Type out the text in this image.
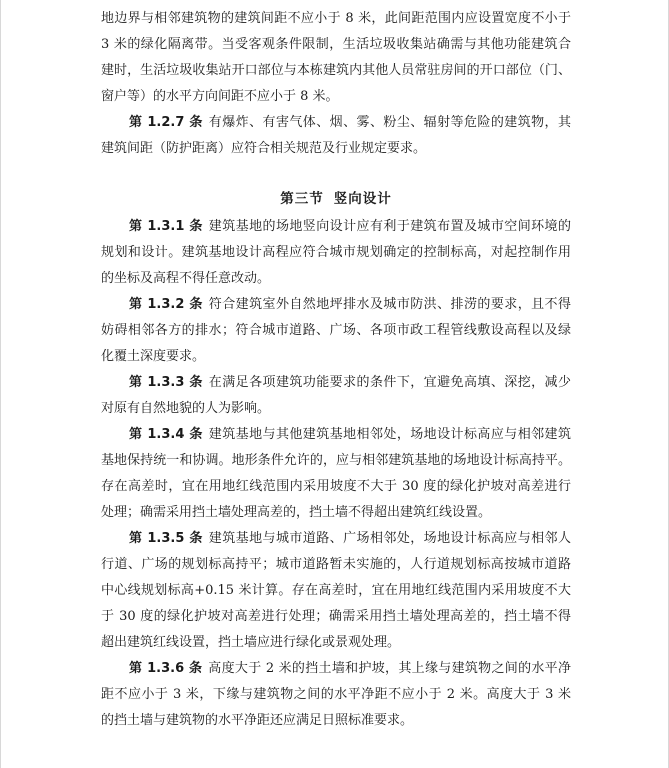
地边界与相邻建筑物的建筑间距不应小于 8 米，此间距范围内应设置宽度不小于
3 米的绿化隔离带。当受客观条件限制，生活垃圾收集站确需与其他功能建筑合
建时，生活垃圾收集站开口部位与本栋建筑内其他人员常驻房间的开口部位（门、
窗户等）的水平方向间距不应小于 8 米。
第 1.2.7 条 有爆炸、有害气体、烟、雾、粉尘、辐射等危险的建筑物，其
建筑间距（防护距离）应符合相关规范及行业规定要求。
第三节 竖向设计
第 1.3.1 条 建筑基地的场地竖向设计应有利于建筑布置及城市空间环境的
规划和设计。建筑基地设计高程应符合城市规划确定的控制标高，对起控制作用
的坐标及高程不得任意改动。
第 1.3.2 条 符合建筑室外自然地坪排水及城市防洪、排涝的要求，且不得
妨碍相邻各方的排水；符合城市道路、广场、各项市政工程管线敷设高程以及绿
化覆土深度要求。
第 1.3.3 条 在满足各项建筑功能要求的条件下，宜避免高填、深挖，减少
对原有自然地貌的人为影响。
第 1.3.4 条 建筑基地与其他建筑基地相邻处，场地设计标高应与相邻建筑
基地保持统一和协调。地形条件允许的，应与相邻建筑基地的场地设计标高持平。
存在高差时，宜在用地红线范围内采用坡度不大于 30 度的绿化护坡对高差进行
处理；确需采用挡土墙处理高差的，挡土墙不得超出建筑红线设置。
第 1.3.5 条 建筑基地与城市道路、广场相邻处，场地设计标高应与相邻人
行道、广场的规划标高持平；城市道路暂未实施的，人行道规划标高按城市道路
中心线规划标高+0.15 米计算。存在高差时，宜在用地红线范围内采用坡度不大
于 30 度的绿化护坡对高差进行处理；确需采用挡土墙处理高差的，挡土墙不得
超出建筑红线设置，挡土墙应进行绿化或景观处理。
第 1.3.6 条 高度大于 2 米的挡土墙和护坡，其上缘与建筑物之间的水平净
距不应小于 3 米，下缘与建筑物之间的水平净距不应小于 2 米。高度大于 3 米
的挡土墙与建筑物的水平净距还应满足日照标准要求。
